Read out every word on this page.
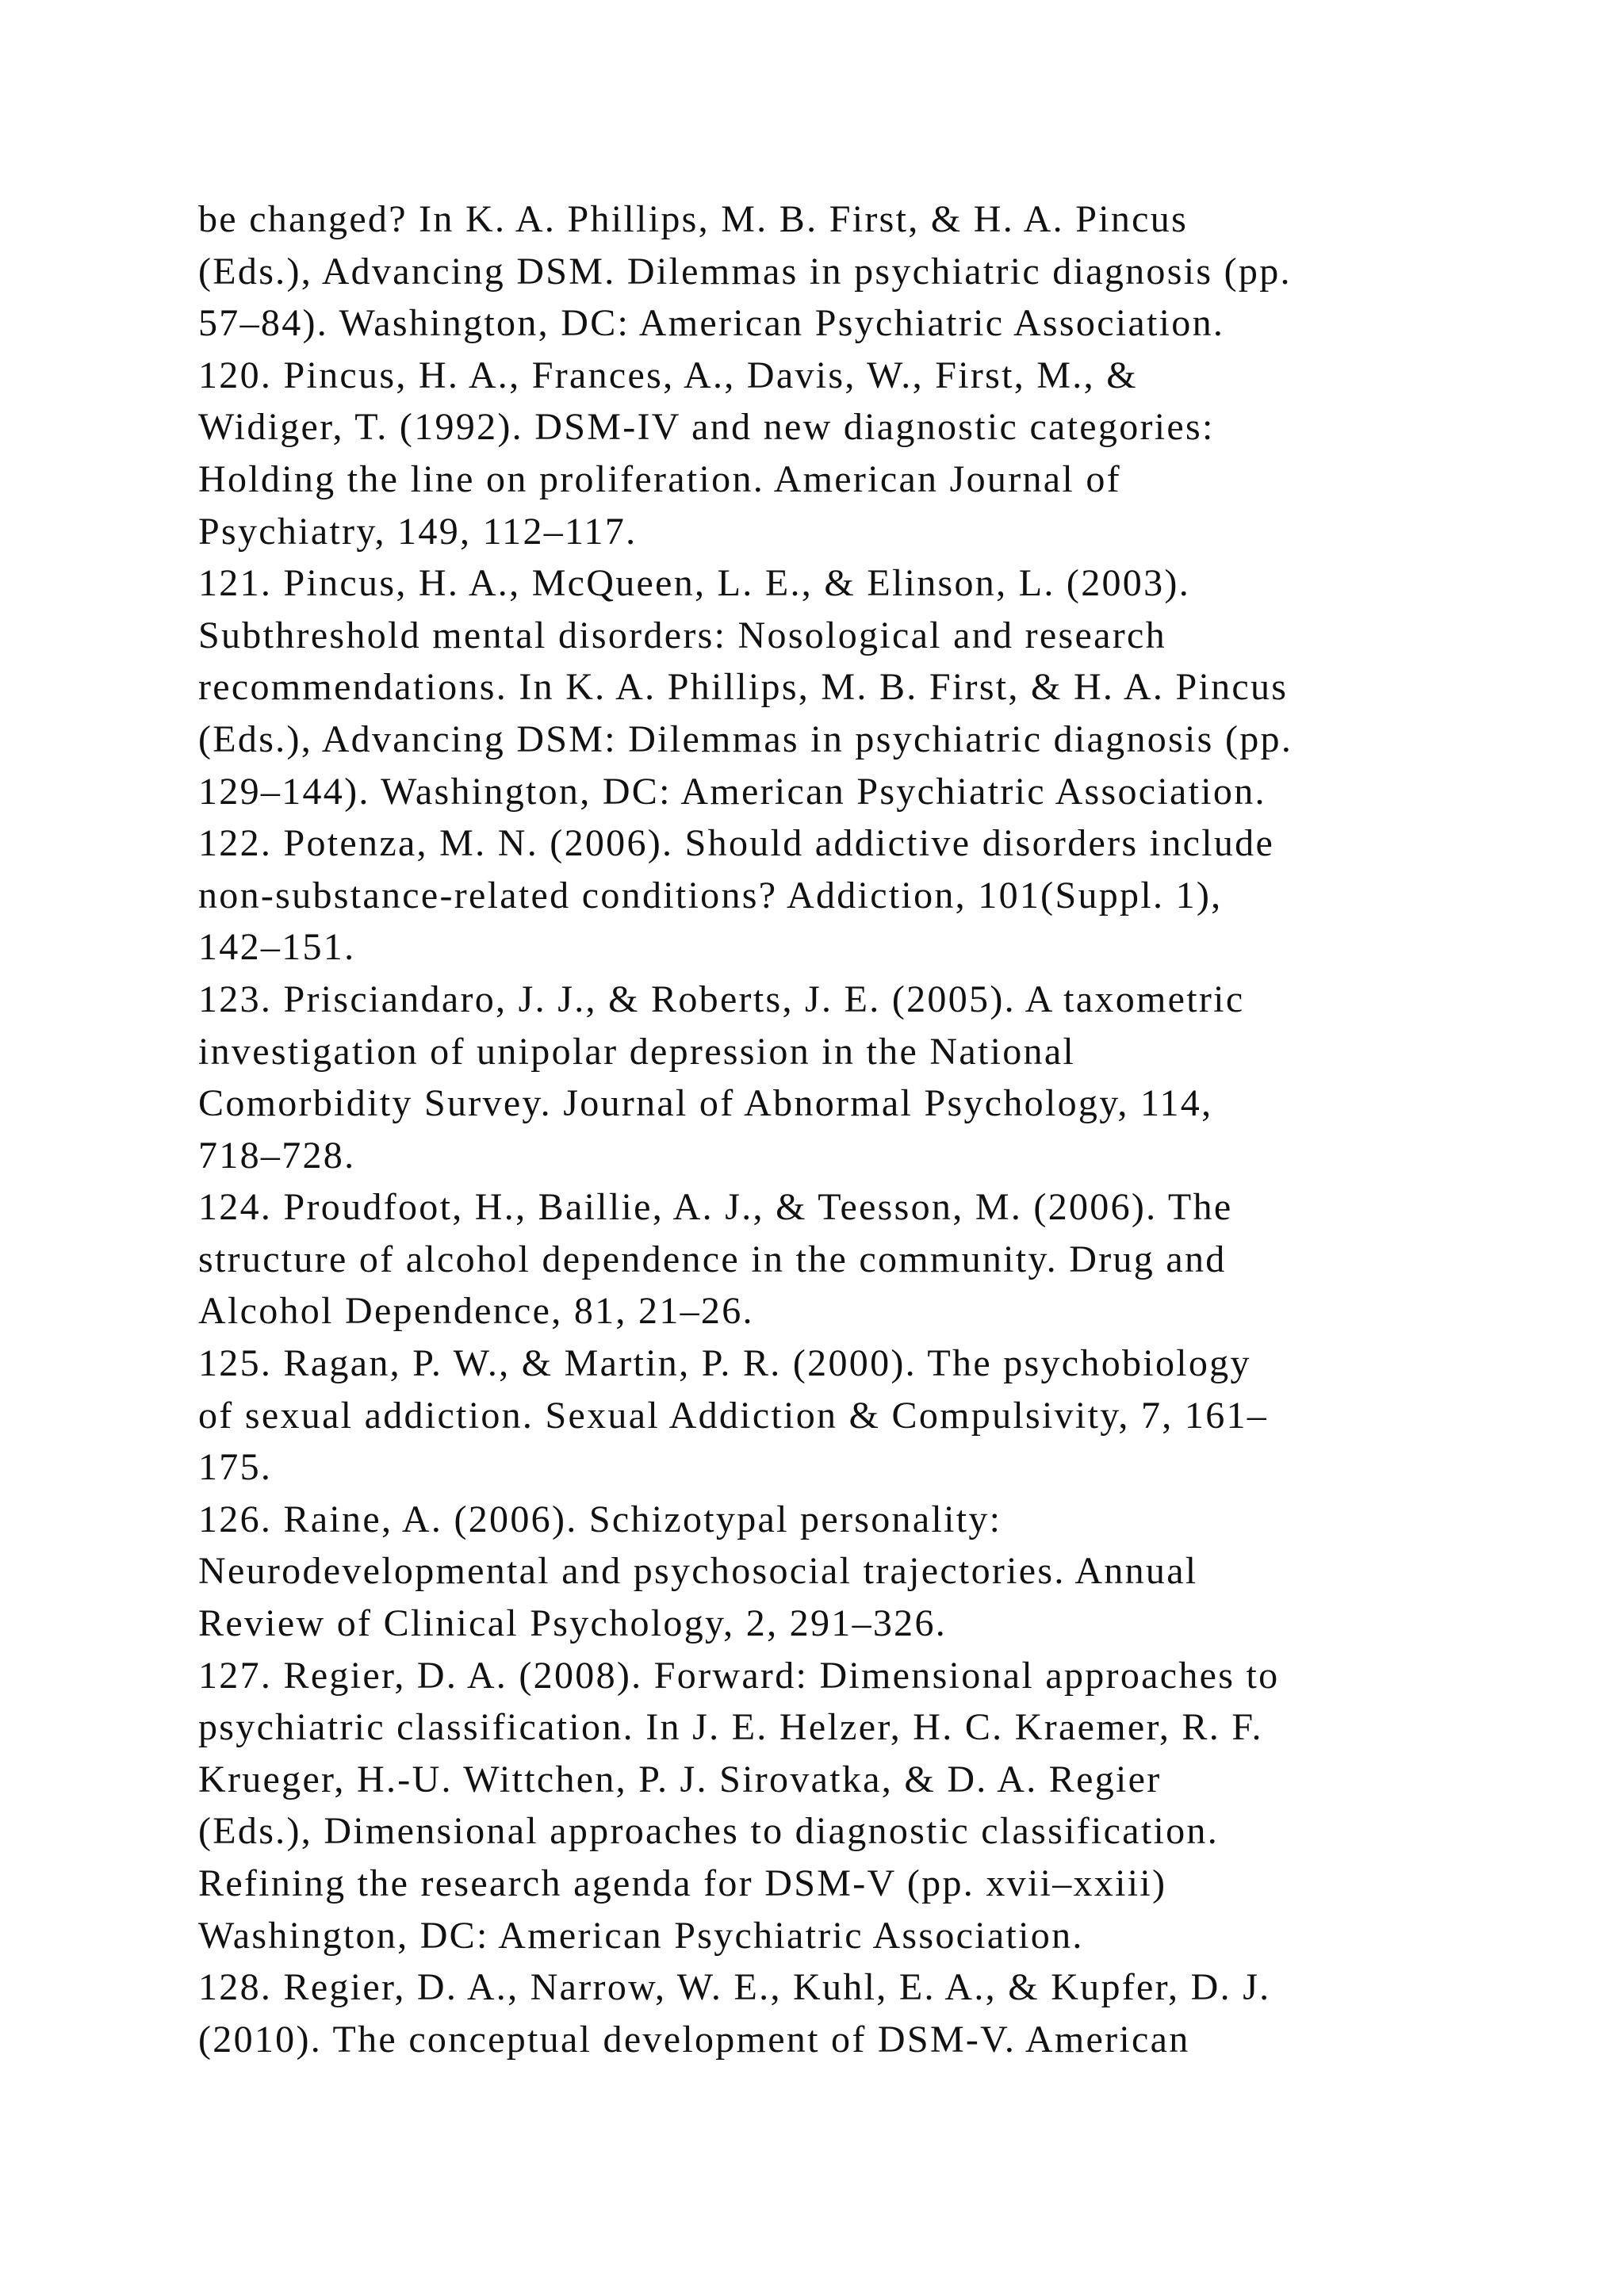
be changed? In K. A. Phillips, M. B. First, & H. A. Pincus
(Eds.), Advancing DSM. Dilemmas in psychiatric diagnosis (pp.
57–84). Washington, DC: American Psychiatric Association.
120. Pincus, H. A., Frances, A., Davis, W., First, M., &
Widiger, T. (1992). DSM-IV and new diagnostic categories:
Holding the line on proliferation. American Journal of
Psychiatry, 149, 112–117.
121. Pincus, H. A., McQueen, L. E., & Elinson, L. (2003).
Subthreshold mental disorders: Nosological and research
recommendations. In K. A. Phillips, M. B. First, & H. A. Pincus
(Eds.), Advancing DSM: Dilemmas in psychiatric diagnosis (pp.
129–144). Washington, DC: American Psychiatric Association.
122. Potenza, M. N. (2006). Should addictive disorders include
non-substance-related conditions? Addiction, 101(Suppl. 1),
142–151.
123. Prisciandaro, J. J., & Roberts, J. E. (2005). A taxometric
investigation of unipolar depression in the National
Comorbidity Survey. Journal of Abnormal Psychology, 114,
718–728.
124. Proudfoot, H., Baillie, A. J., & Teesson, M. (2006). The
structure of alcohol dependence in the community. Drug and
Alcohol Dependence, 81, 21–26.
125. Ragan, P. W., & Martin, P. R. (2000). The psychobiology
of sexual addiction. Sexual Addiction & Compulsivity, 7, 161–
175.
126. Raine, A. (2006). Schizotypal personality:
Neurodevelopmental and psychosocial trajectories. Annual
Review of Clinical Psychology, 2, 291–326.
127. Regier, D. A. (2008). Forward: Dimensional approaches to
psychiatric classification. In J. E. Helzer, H. C. Kraemer, R. F.
Krueger, H.-U. Wittchen, P. J. Sirovatka, & D. A. Regier
(Eds.), Dimensional approaches to diagnostic classification.
Refining the research agenda for DSM-V (pp. xvii–xxiii)
Washington, DC: American Psychiatric Association.
128. Regier, D. A., Narrow, W. E., Kuhl, E. A., & Kupfer, D. J.
(2010). The conceptual development of DSM-V. American
